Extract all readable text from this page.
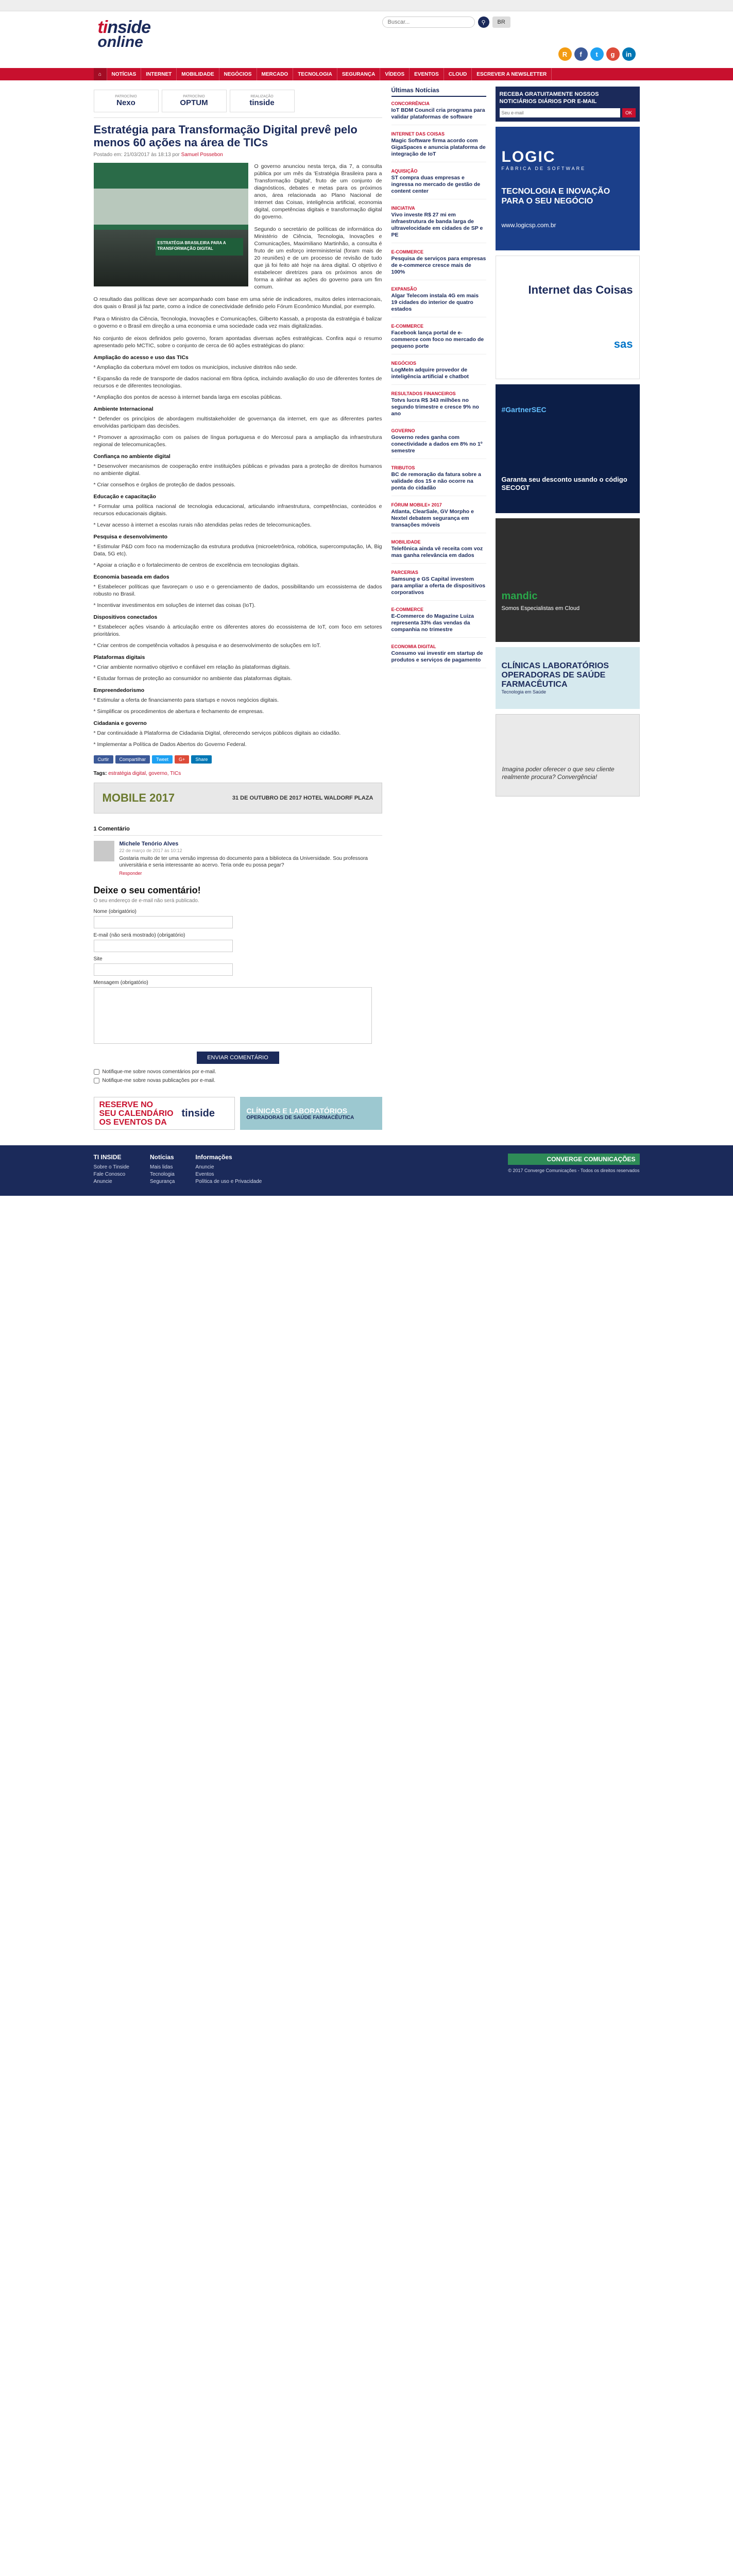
tinside
online
Buscar...
⚲	BR
R	f	t	g	in
⌂	NOTÍCIAS	INTERNET	MOBILIDADE	NEGÓCIOS	MERCADO	TECNOLOGIA	SEGURANÇA	VÍDEOS	EVENTOS	CLOUD	ESCREVER A NEWSLETTER
PATROCÍNIO
Nexo
PATROCÍNIO
OPTUM
REALIZAÇÃO
tinside
Estratégia para Transformação Digital prevê pelo menos 60 ações na área de TICs
Postado em: 21/03/2017 às 18:13 por Samuel Possebon
ESTRATÉGIA BRASILEIRA PARA A TRANSFORMAÇÃO DIGITAL

O governo anunciou nesta terça, dia 7, a consulta pública por um mês da 'Estratégia Brasileira para a Transformação Digital', fruto de um conjunto de diagnósticos, debates e metas para os próximos anos, área relacionada ao Plano Nacional de Internet das Coisas, inteligência artificial, economia digital, competências digitais e transformação digital do governo.

Segundo o secretário de políticas de informática do Ministério de Ciência, Tecnologia, Inovações e Comunicações, Maximiliano Martinhão, a consulta é fruto de um esforço interministerial (foram mais de 20 reuniões) e de um processo de revisão de tudo que já foi feito até hoje na área digital. O objetivo é estabelecer diretrizes para os próximos anos de forma a alinhar as ações do governo para um fim comum.

O resultado das políticas deve ser acompanhado com base em uma série de indicadores, muitos deles internacionais, dos quais o Brasil já faz parte, como a índice de conectividade definido pelo Fórum Econômico Mundial, por exemplo.

Para o Ministro da Ciência, Tecnologia, Inovações e Comunicações, Gilberto Kassab, a proposta da estratégia é balizar o governo e o Brasil em direção a uma economia e uma sociedade cada vez mais digitalizadas.

No conjunto de eixos definidos pelo governo, foram apontadas diversas ações estratégicas. Confira aqui o resumo apresentado pelo MCTIC, sobre o conjunto de cerca de 60 ações estratégicas do plano:

Ampliação do acesso e uso das TICs
* Ampliação da cobertura móvel em todos os municípios, inclusive distritos não sede.
* Expansão da rede de transporte de dados nacional em fibra óptica, incluindo avaliação do uso de diferentes fontes de recursos e de diferentes tecnologias.
* Ampliação dos pontos de acesso à internet banda larga em escolas públicas.
Ambiente Internacional
* Defender os princípios de abordagem multistakeholder de governança da internet, em que as diferentes partes envolvidas participam das decisões.
* Promover a aproximação com os países de língua portuguesa e do Mercosul para a ampliação da infraestrutura regional de telecomunicações.
Confiança no ambiente digital
* Desenvolver mecanismos de cooperação entre instituições públicas e privadas para a proteção de direitos humanos no ambiente digital.
* Criar conselhos e órgãos de proteção de dados pessoais.
Educação e capacitação
* Formular uma política nacional de tecnologia educacional, articulando infraestrutura, competências, conteúdos e recursos educacionais digitais.
* Levar acesso à internet a escolas rurais não atendidas pelas redes de telecomunicações.
Pesquisa e desenvolvimento
* Estimular P&D com foco na modernização da estrutura produtiva (microeletrônica, robótica, supercomputação, IA, Big Data, 5G etc).
* Apoiar a criação e o fortalecimento de centros de excelência em tecnologias digitais.
Economia baseada em dados
* Estabelecer políticas que favoreçam o uso e o gerenciamento de dados, possibilitando um ecossistema de dados robusto no Brasil.
* Incentivar investimentos em soluções de internet das coisas (IoT).
Dispositivos conectados
* Estabelecer ações visando à articulação entre os diferentes atores do ecossistema de IoT, com foco em setores prioritários.
* Criar centros de competência voltados à pesquisa e ao desenvolvimento de soluções em IoT.
Plataformas digitais
* Criar ambiente normativo objetivo e confiável em relação às plataformas digitais.
* Estudar formas de proteção ao consumidor no ambiente das plataformas digitais.
Empreendedorismo
* Estimular a oferta de financiamento para startups e novos negócios digitais.
* Simplificar os procedimentos de abertura e fechamento de empresas.
Cidadania e governo
* Dar continuidade à Plataforma de Cidadania Digital, oferecendo serviços públicos digitais ao cidadão.
* Implementar a Política de Dados Abertos do Governo Federal.
Curtir	Compartilhar	Tweet	G+	Share
Tags: estratégia digital, governo, TICs
MOBILE 2017	31 DE OUTUBRO DE 2017 HOTEL WALDORF PLAZA
1 Comentário
Michele Tenório Alves
22 de março de 2017 às 10:12
Gostaria muito de ter uma versão impressa do documento para a biblioteca da Universidade. Sou professora universitária e seria interessante ao acervo. Teria onde eu possa pegar?
Responder
Deixe o seu comentário!
O seu endereço de e-mail não será publicado.
Nome (obrigatório)
E-mail (não será mostrado) (obrigatório)
Site
Mensagem (obrigatório)
ENVIAR COMENTÁRIO
Notifique-me sobre novos comentários por e-mail.
Notifique-me sobre novas publicações por e-mail.
RESERVE NO
SEU CALENDÁRIO
OS EVENTOS DA
tinside	CLÍNICAS E LABORATÓRIOS
OPERADORAS DE SAÚDE FARMACÊUTICA
Últimas Notícias
CONCORRÊNCIA
IoT BDM Council cria programa para validar plataformas de software
INTERNET DAS COISAS
Magic Software firma acordo com GigaSpaces e anuncia plataforma de integração de IoT
AQUISIÇÃO
ST compra duas empresas e ingressa no mercado de gestão de content center
INICIATIVA
Vivo investe R$ 27 mi em infraestrutura de banda larga de ultravelocidade em cidades de SP e PE
E-COMMERCE
Pesquisa de serviços para empresas de e-commerce cresce mais de 100%
EXPANSÃO
Algar Telecom instala 4G em mais 19 cidades do interior de quatro estados
E-COMMERCE
Facebook lança portal de e-commerce com foco no mercado de pequeno porte
NEGÓCIOS
LogMeIn adquire provedor de inteligência artificial e chatbot
RESULTADOS FINANCEIROS
Totvs lucra R$ 343 milhões no segundo trimestre e cresce 9% no ano
GOVERNO
Governo redes ganha com conectividade a dados em 8% no 1º semestre
TRIBUTOS
BC de remoração da fatura sobre a validade dos 15 e não ocorre na ponta do cidadão
FÓRUM MOBILE+ 2017
Atlanta, ClearSale, GV Morpho e Nextel debatem segurança em transações móveis
MOBILIDADE
Telefônica ainda vê receita com voz mas ganha relevância em dados
PARCERIAS
Samsung e GS Capital investem para ampliar a oferta de dispositivos corporativos
E-COMMERCE
E-Commerce do Magazine Luiza representa 33% das vendas da companhia no trimestre
ECONOMIA DIGITAL
Consumo vai investir em startup de produtos e serviços de pagamento
RECEBA GRATUITAMENTE NOSSOS NOTICIÁRIOS DIÁRIOS POR E-MAIL
Seu e-mail
OK
LOGIC
FÁBRICA DE SOFTWARE
TECNOLOGIA E INOVAÇÃO PARA O SEU NEGÓCIO
www.logicsp.com.br
Internet das Coisas
sas
#GartnerSEC
Garanta seu desconto usando o código SECOGT
mandic
Somos Especialistas em Cloud
CLÍNICAS LABORATÓRIOS OPERADORAS DE SAÚDE FARMACÊUTICA
Tecnologia em Saúde
Imagina poder oferecer o que seu cliente realmente procura? Convergência!
TI INSIDE
Sobre o Tinside
Fale Conosco
Anuncie
Notícias
Mais lidas
Tecnologia
Segurança
Informações
Anuncie
Eventos
Política de uso e Privacidade
CONVERGE COMUNICAÇÕES
© 2017 Converge Comunicações - Todos os direitos reservados
